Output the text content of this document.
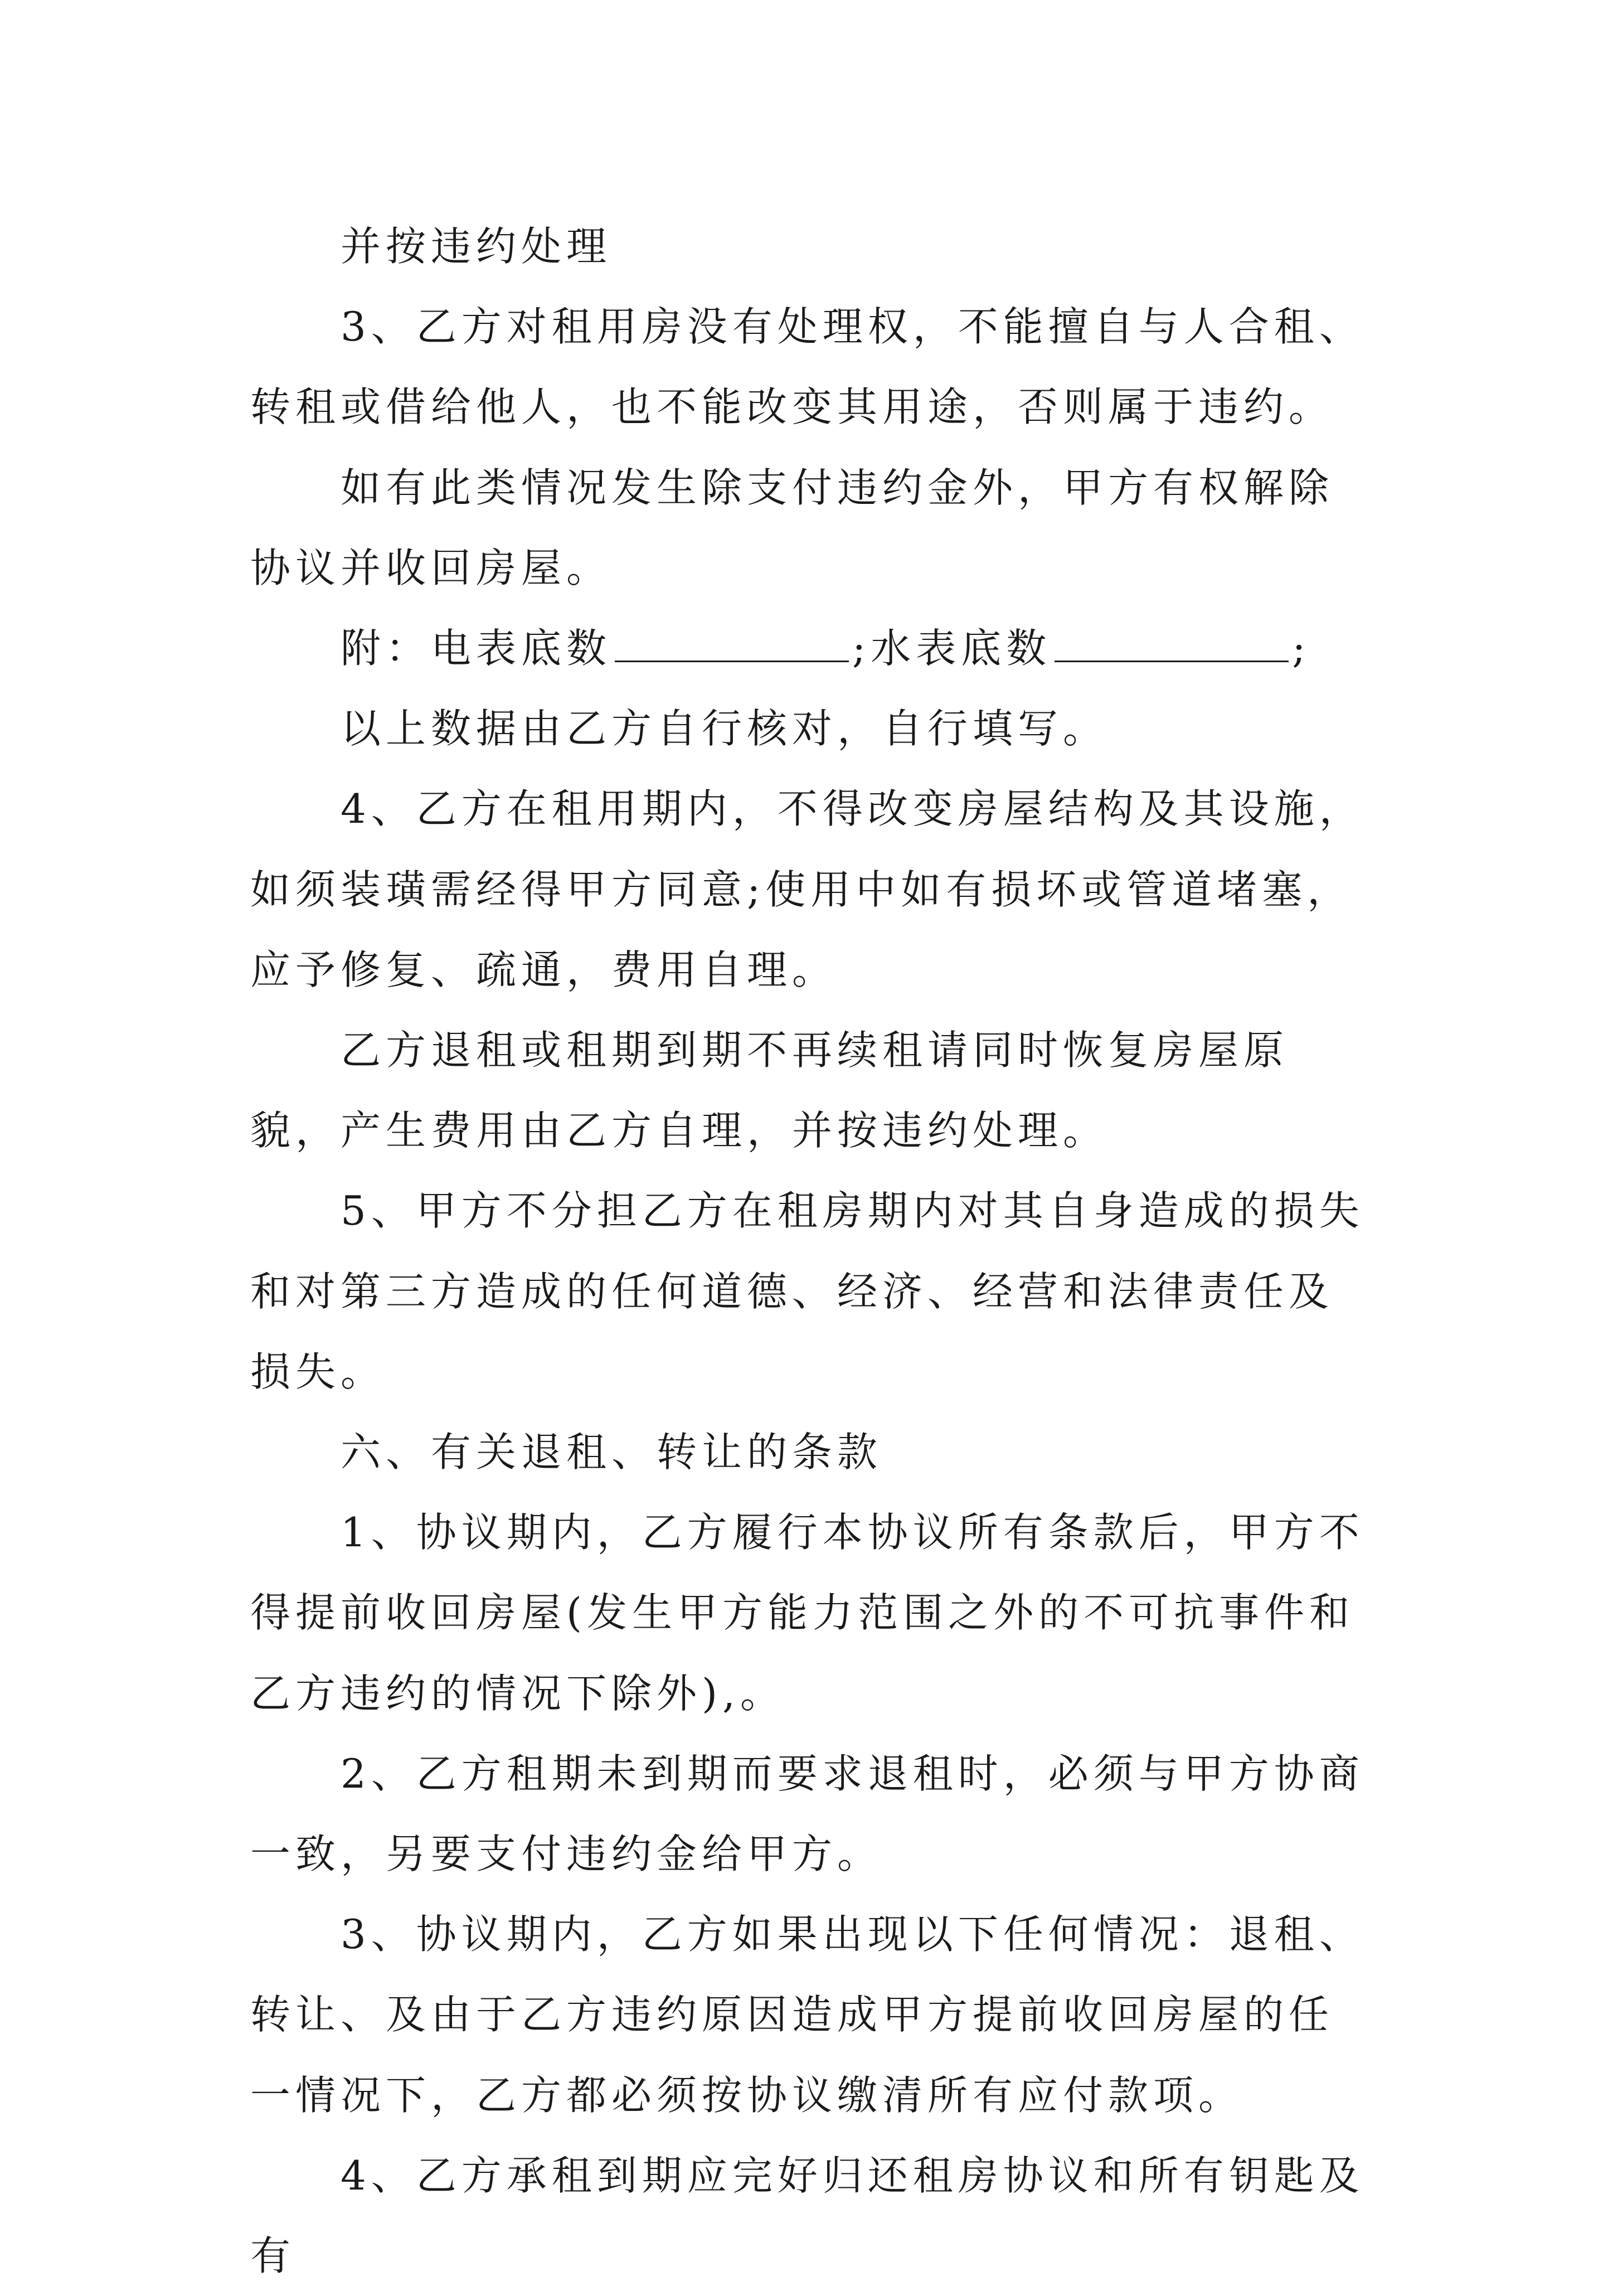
并按违约处理

3、乙方对租用房没有处理权，不能擅自与人合租、转租或借给他人，也不能改变其用途，否则属于违约。

如有此类情况发生除支付违约金外，甲方有权解除协议并收回房屋。

附：电表底数	;水表底数	;

以上数据由乙方自行核对，自行填写。

4、乙方在租用期内，不得改变房屋结构及其设施，如须装璜需经得甲方同意;使用中如有损坏或管道堵塞，应予修复、疏通，费用自理。

乙方退租或租期到期不再续租请同时恢复房屋原貌，产生费用由乙方自理，并按违约处理。

5、甲方不分担乙方在租房期内对其自身造成的损失和对第三方造成的任何道德、经济、经营和法律责任及损失。

六、有关退租、转让的条款

1、协议期内，乙方履行本协议所有条款后，甲方不得提前收回房屋(发生甲方能力范围之外的不可抗事件和乙方违约的情况下除外),。

2、乙方租期未到期而要求退租时，必须与甲方协商一致，另要支付违约金给甲方。

3、协议期内，乙方如果出现以下任何情况：退租、转让、及由于乙方违约原因造成甲方提前收回房屋的任一情况下，乙方都必须按协议缴清所有应付款项。

4、乙方承租到期应完好归还租房协议和所有钥匙及有
